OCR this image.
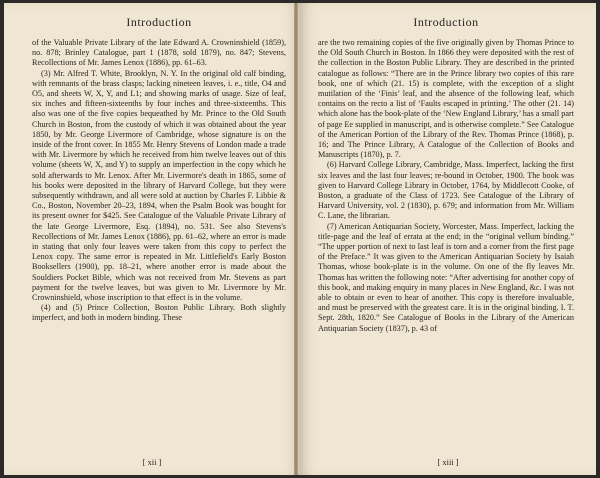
Introduction

of the Valuable Private Library of the late Edward A. Crowninshield (1859), no. 878; Brinley Catalogue, part 1 (1878, sold 1879), no. 847; Stevens, Recollections of Mr. James Lenox (1886), pp. 61–63.

(3) Mr. Alfred T. White, Brooklyn, N. Y. In the original old calf binding, with remnants of the brass clasps; lacking nineteen leaves, i. e., title, O4 and O5, and sheets W, X, Y, and L1; and showing marks of usage. Size of leaf, six inches and fifteen-sixteenths by four inches and three-sixteenths. This also was one of the five copies bequeathed by Mr. Prince to the Old South Church in Boston, from the custody of which it was obtained about the year 1850, by Mr. George Livermore of Cambridge, whose signature is on the inside of the front cover. In 1855 Mr. Henry Stevens of London made a trade with Mr. Livermore by which he received from him twelve leaves out of this volume (sheets W, X, and Y) to supply an imperfection in the copy which he sold afterwards to Mr. Lenox. After Mr. Livermore's death in 1865, some of his books were deposited in the library of Harvard College, but they were subsequently withdrawn, and all were sold at auction by Charles F. Libbie & Co., Boston, November 20–23, 1894, when the Psalm Book was bought for its present owner for $425. See Catalogue of the Valuable Private Library of the late George Livermore, Esq. (1894), no. 531. See also Stevens's Recollections of Mr. James Lenox (1886), pp. 61–62, where an error is made in stating that only four leaves were taken from this copy to perfect the Lenox copy. The same error is repeated in Mr. Littlefield's Early Boston Booksellers (1900), pp. 18–21, where another error is made about the Souldiers Pocket Bible, which was not received from Mr. Stevens as part payment for the twelve leaves, but was given to Mr. Livermore by Mr. Crowninshield, whose inscription to that effect is in the volume.

(4) and (5) Prince Collection, Boston Public Library. Both slightly imperfect, and both in modern binding. These

[ xii ]
Introduction

are the two remaining copies of the five originally given by Thomas Prince to the Old South Church in Boston. In 1866 they were deposited with the rest of the collection in the Boston Public Library. They are described in the printed catalogue as follows: “There are in the Prince library two copies of this rare book, one of which (21. 15) is complete, with the exception of a slight mutilation of the ‘Finis’ leaf, and the absence of the following leaf, which contains on the recto a list of ‘Faults escaped in printing.’ The other (21. 14) which alone has the book-plate of the ‘New England Library,’ has a small part of page Ee supplied in manuscript, and is otherwise complete.” See Catalogue of the American Portion of the Library of the Rev. Thomas Prince (1868), p. 16; and The Prince Library, A Catalogue of the Collection of Books and Manuscripts (1870), p. 7.

(6) Harvard College Library, Cambridge, Mass. Imperfect, lacking the first six leaves and the last four leaves; re-bound in October, 1900. The book was given to Harvard College Library in October, 1764, by Middlecott Cooke, of Boston, a graduate of the Class of 1723. See Catalogue of the Library of Harvard University, vol. 2 (1830), p. 679; and information from Mr. William C. Lane, the librarian.

(7) American Antiquarian Society, Worcester, Mass. Imperfect, lacking the title-page and the leaf of errata at the end; in the “original vellum binding.” “The upper portion of next to last leaf is torn and a corner from the first page of the Preface.” It was given to the American Antiquarian Society by Isaiah Thomas, whose book-plate is in the volume. On one of the fly leaves Mr. Thomas has written the following note: “After advertising for another copy of this book, and making enquiry in many places in New England, &c. I was not able to obtain or even to hear of another. This copy is therefore invaluable, and must be preserved with the greatest care. It is in the original binding. I. T. Sept. 28th, 1820.” See Catalogue of Books in the Library of the American Antiquarian Society (1837), p. 43 of

[ xiii ]
